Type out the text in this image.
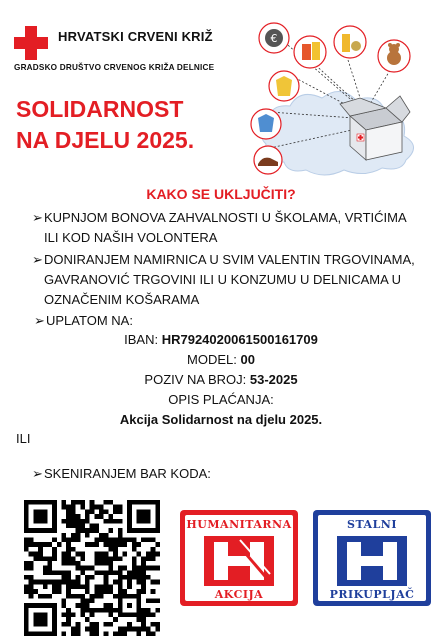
HRVATSKI CRVENI KRIŽ
GRADSKO DRUŠTVO CRVENOG KRIŽA DELNICE
SOLIDARNOST
NA DJELU 2025.
€
KAKO SE UKLJUČITI?
➢ KUPNJOM BONOVA ZAHVALNOSTI U ŠKOLAMA, VRTIĆIMA
ILI KOD NAŠIH VOLONTERA
➢ DONIRANJEM NAMIRNICA U SVIM VALENTIN TRGOVINAMA,
GAVRANOVIĆ TRGOVINI ILI U KONZUMU U DELNICAMA U
OZNAČENIM KOŠARAMA
➢ UPLATOM NA:
IBAN: HR7924020061500161709
MODEL: 00
POZIV NA BROJ: 53-2025
OPIS PLAĆANJA:
Akcija Solidarnost na djelu 2025.
ILI
➢ SKENIRANJEM BAR KODA:
HUMANITARNA
AKCIJA
STALNI
PRIKUPLJAČ
